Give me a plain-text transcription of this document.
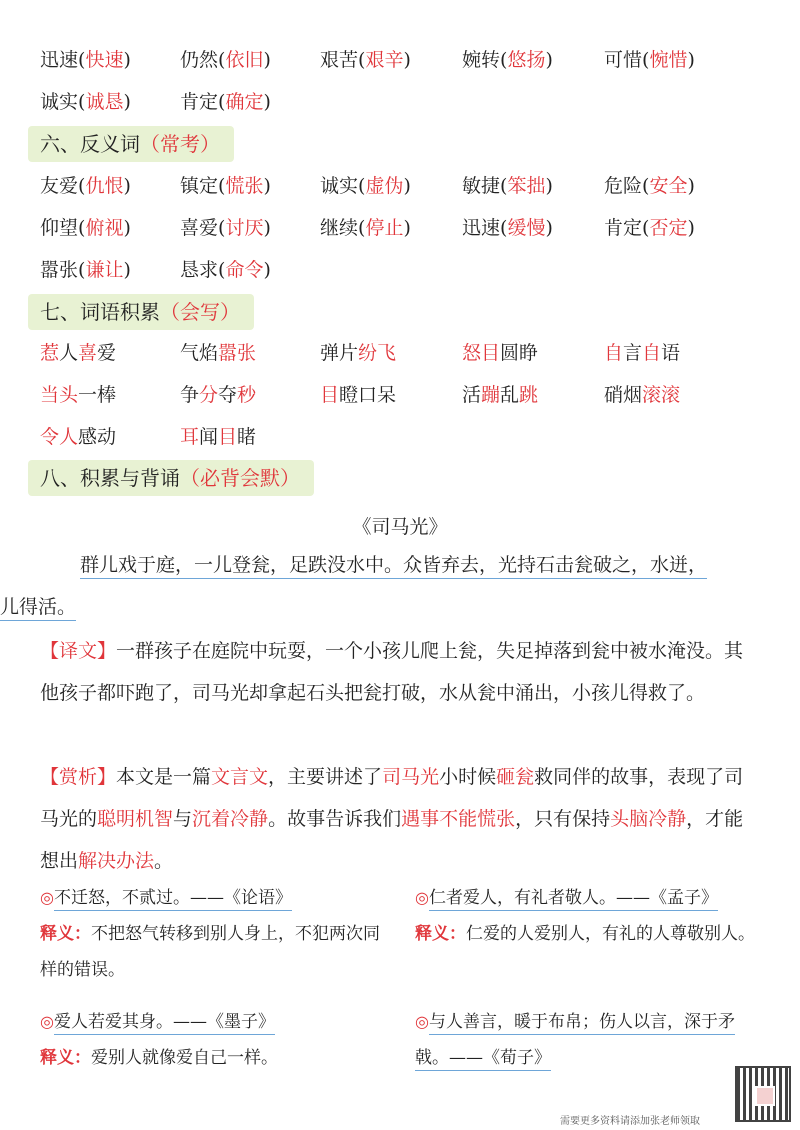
迅速(快速)	仍然(依旧)	艰苦(艰辛)	婉转(悠扬)	可惜(惋惜)
诚实(诚恳)	肯定(确定)
六、反义词（常考）
友爱(仇恨)	镇定(慌张)	诚实(虚伪)	敏捷(笨拙)	危险(安全)
仰望(俯视)	喜爱(讨厌)	继续(停止)	迅速(缓慢)	肯定(否定)
嚣张(谦让)	恳求(命令)
七、词语积累（会写）
惹人喜爱	气焰嚣张	弹片纷飞	怒目圆睁	自言自语
当头一棒	争分夺秒	目瞪口呆	活蹦乱跳	硝烟滚滚
令人感动	耳闻目睹
八、积累与背诵（必背会默）
《司马光》
群儿戏于庭，一儿登瓮，足跌没水中。众皆弃去，光持石击瓮破之，水迸，
儿得活。
【译文】一群孩子在庭院中玩耍，一个小孩儿爬上瓮，失足掉落到瓮中被水淹没。其他孩子都吓跑了，司马光却拿起石头把瓮打破，水从瓮中涌出，小孩儿得救了。
【赏析】本文是一篇文言文，主要讲述了司马光小时候砸瓮救同伴的故事，表现了司马光的聪明机智与沉着冷静。故事告诉我们遇事不能慌张，只有保持头脑冷静，才能想出解决办法。
◎不迁怒，不贰过。——《论语》
释义：不把怒气转移到别人身上，不犯两次同样的错误。
◎仁者爱人，有礼者敬人。——《孟子》
释义：仁爱的人爱别人，有礼的人尊敬别人。
◎爱人若爱其身。——《墨子》
释义：爱别人就像爱自己一样。
◎与人善言，暖于布帛；伤人以言，深于矛戟。——《荀子》
需要更多资料请添加张老师领取
